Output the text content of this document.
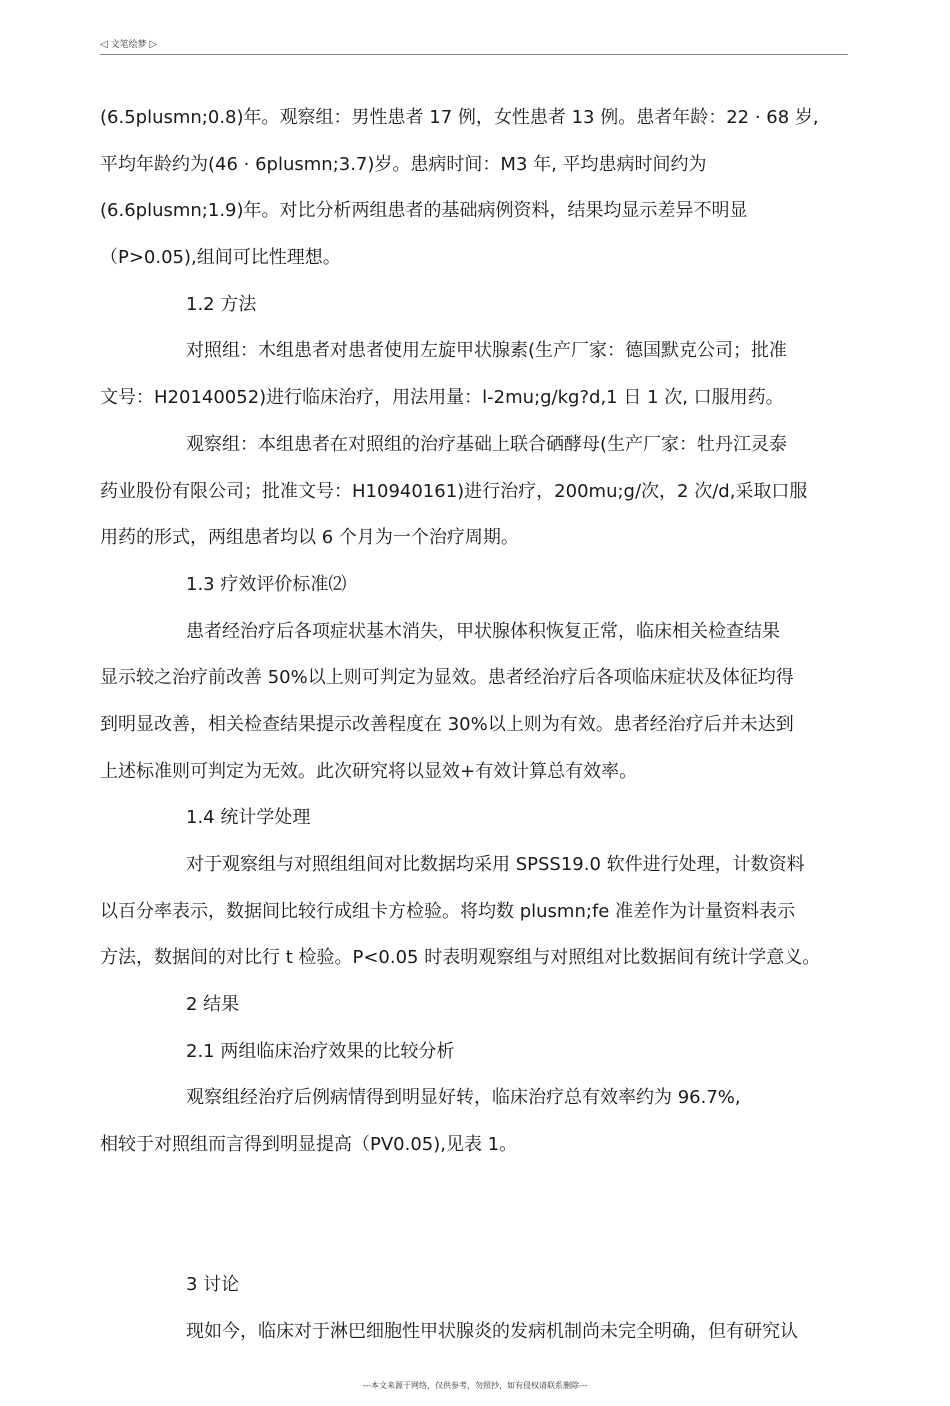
◁ 文笔绘梦 ▷
(6.5plusmn;0.8)年。观察组：男性患者 17 例，女性患者 13 例。患者年龄：22 · 68 岁,
平均年龄约为(46 · 6plusmn;3.7)岁。患病时间：M3 年, 平均患病时间约为
(6.6plusmn;1.9)年。对比分析两组患者的基础病例资料，结果均显示差异不明显
（P>0.05),组间可比性理想。
1.2 方法
对照组：木组患者对患者使用左旋甲状腺素(生产厂家：德国默克公司；批准
文号：H20140052)进行临床治疗，用法用量：l-2mu;g/kg?d,1 日 1 次, 口服用药。
观察组：本组患者在对照组的治疗基础上联合硒酵母(生产厂家：牡丹江灵泰
药业股份有限公司；批准文号：H10940161)进行治疗，200mu;g/次，2 次/d,采取口服
用药的形式，两组患者均以 6 个月为一个治疗周期。
1.3 疗效评价标准⑵
患者经治疗后各项症状基木消失，甲状腺体积恢复正常，临床相关检查结果
显示较之治疗前改善 50%以上则可判定为显效。患者经治疗后各项临床症状及体征均得
到明显改善，相关检查结果提示改善程度在 30%以上则为有效。患者经治疗后并未达到
上述标准则可判定为无效。此次研究将以显效+有效计算总有效率。
1.4 统计学处理
对于观察组与对照组组间对比数据均采用 SPSS19.0 软件进行处理，计数资料
以百分率表示，数据间比较行成组卡方检验。将均数 plusmn;fe 准差作为计量资料表示
方法，数据间的对比行 t 检验。P<0.05 时表明观察组与对照组对比数据间有统计学意义。
2 结果
2.1 两组临床治疗效果的比较分析
观察组经治疗后例病情得到明显好转，临床治疗总有效率约为 96.7%,
相较于对照组而言得到明显提高（PV0.05),见表 1。
3 讨论
现如今，临床对于淋巴细胞性甲状腺炎的发病机制尚未完全明确，但有研究认
---本文来源于网络，仅供参考，勿照抄，如有侵权请联系删除---
